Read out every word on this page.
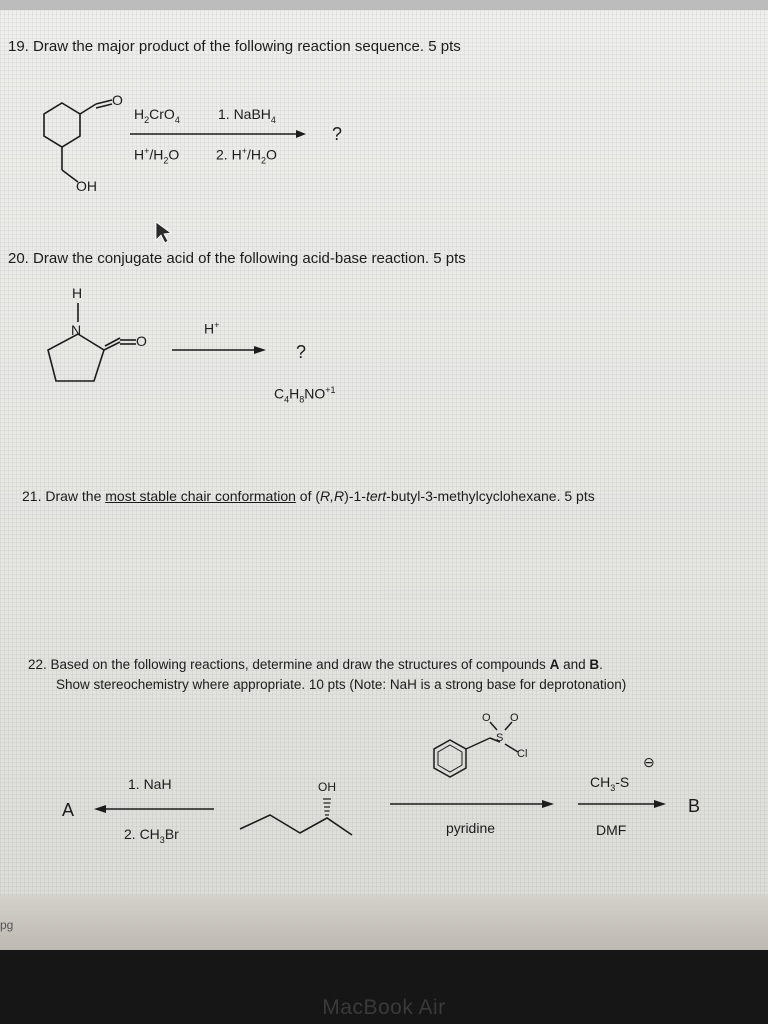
19. Draw the major product of the following reaction sequence. 5 pts
O
OH
$H_2CrO_4$
$H^+/H_2O$
1. NaBH$_4$
2. $H^+/H_2O$
?
20. Draw the conjugate acid of the following acid-base reaction. 5 pts
H
N
O
H+
?
$C_4H_8NO^{+1}$
21. Draw the most stable chair conformation of (R,R)-1-tert-butyl-3-methylcyclohexane. 5 pts
22. Based on the following reactions, determine and draw the structures of compounds A and B.
Show stereochemistry where appropriate. 10 pts (Note: NaH is a strong base for deprotonation)
A
1. NaH
2. $CH_3Br$
OH
O O
S
Cl
pyridine
⊖
$CH_3-S$
DMF
B
pg
MacBook Air
